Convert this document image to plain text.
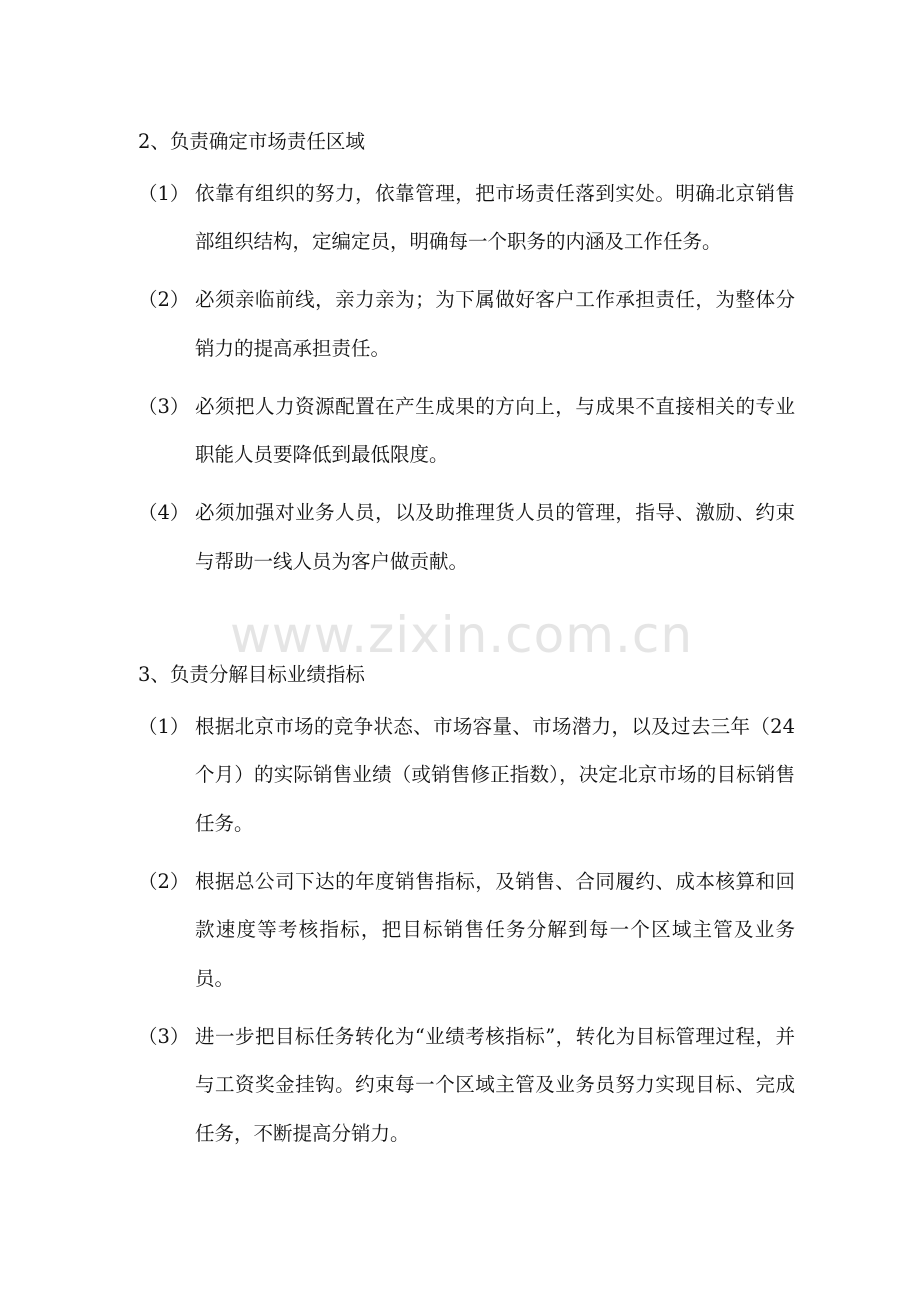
www.zixin.com.cn
2、负责确定市场责任区域
（1） 依靠有组织的努力，依靠管理，把市场责任落到实处。明确北京销售部组织结构，定编定员，明确每一个职务的内涵及工作任务。
（2） 必须亲临前线，亲力亲为；为下属做好客户工作承担责任，为整体分销力的提高承担责任。
（3） 必须把人力资源配置在产生成果的方向上，与成果不直接相关的专业职能人员要降低到最低限度。
（4） 必须加强对业务人员，以及助推理货人员的管理，指导、激励、约束与帮助一线人员为客户做贡献。
3、负责分解目标业绩指标
（1） 根据北京市场的竞争状态、市场容量、市场潜力，以及过去三年（24个月）的实际销售业绩（或销售修正指数），决定北京市场的目标销售任务。
（2） 根据总公司下达的年度销售指标，及销售、合同履约、成本核算和回款速度等考核指标，把目标销售任务分解到每一个区域主管及业务员。
（3） 进一步把目标任务转化为“业绩考核指标”，转化为目标管理过程，并与工资奖金挂钩。约束每一个区域主管及业务员努力实现目标、完成任务，不断提高分销力。
